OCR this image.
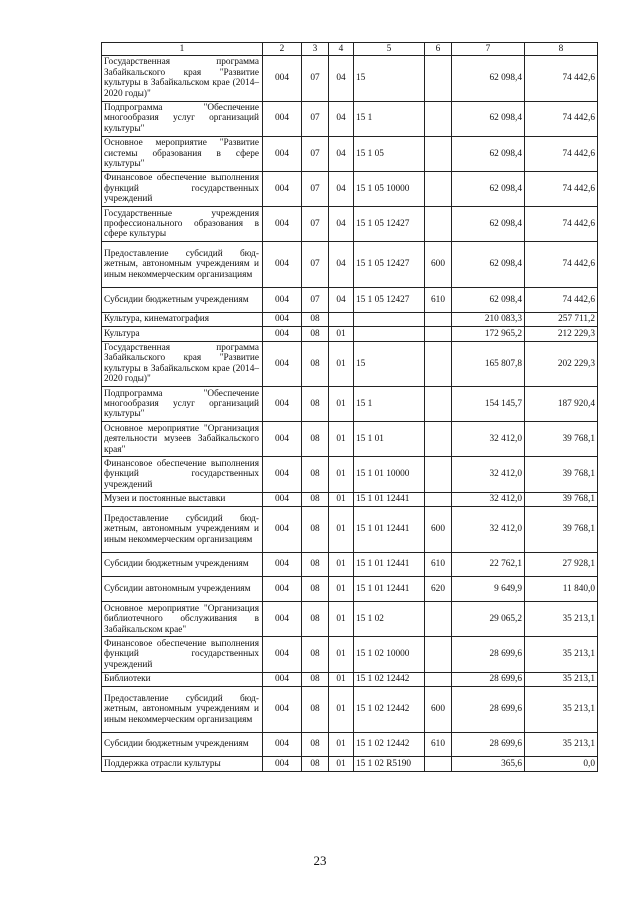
1	2	3	4	5	6	7	8
Государственная программа Забайкальского края "Развитие культуры в Забайкальском крае (2014–2020 годы)"	004	07	04	15		62 098,4	74 442,6
Подпрограмма "Обеспечение многообразия услуг организаций культуры"	004	07	04	15 1		62 098,4	74 442,6
Основное мероприятие "Развитие системы образования в сфере культуры"	004	07	04	15 1 05		62 098,4	74 442,6
Финансовое обеспечение выполнения функций государственных учреждений	004	07	04	15 1 05 10000		62 098,4	74 442,6
Государственные учреждения профессионального образования в сфере культуры	004	07	04	15 1 05 12427		62 098,4	74 442,6
Предоставление субсидий бюджетным, автономным учреждениям и иным некоммерческим организациям	004	07	04	15 1 05 12427	600	62 098,4	74 442,6
Субсидии бюджетным учреждениям	004	07	04	15 1 05 12427	610	62 098,4	74 442,6
Культура, кинематография	004	08				210 083,3	257 711,2
Культура	004	08	01			172 965,2	212 229,3
Государственная программа Забайкальского края "Развитие культуры в Забайкальском крае (2014–2020 годы)"	004	08	01	15		165 807,8	202 229,3
Подпрограмма "Обеспечение многообразия услуг организаций культуры"	004	08	01	15 1		154 145,7	187 920,4
Основное мероприятие "Организация деятельности музеев Забайкальского края"	004	08	01	15 1 01		32 412,0	39 768,1
Финансовое обеспечение выполнения функций государственных учреждений	004	08	01	15 1 01 10000		32 412,0	39 768,1
Музеи и постоянные выставки	004	08	01	15 1 01 12441		32 412,0	39 768,1
Предоставление субсидий бюджетным, автономным учреждениям и иным некоммерческим организациям	004	08	01	15 1 01 12441	600	32 412,0	39 768,1
Субсидии бюджетным учреждениям	004	08	01	15 1 01 12441	610	22 762,1	27 928,1
Субсидии автономным учреждениям	004	08	01	15 1 01 12441	620	9 649,9	11 840,0
Основное мероприятие "Организация библиотечного обслуживания в Забайкальском крае"	004	08	01	15 1 02		29 065,2	35 213,1
Финансовое обеспечение выполнения функций государственных учреждений	004	08	01	15 1 02 10000		28 699,6	35 213,1
Библиотеки	004	08	01	15 1 02 12442		28 699,6	35 213,1
Предоставление субсидий бюджетным, автономным учреждениям и иным некоммерческим организациям	004	08	01	15 1 02 12442	600	28 699,6	35 213,1
Субсидии бюджетным учреждениям	004	08	01	15 1 02 12442	610	28 699,6	35 213,1
Поддержка отрасли культуры	004	08	01	15 1 02 R5190		365,6	0,0
23
